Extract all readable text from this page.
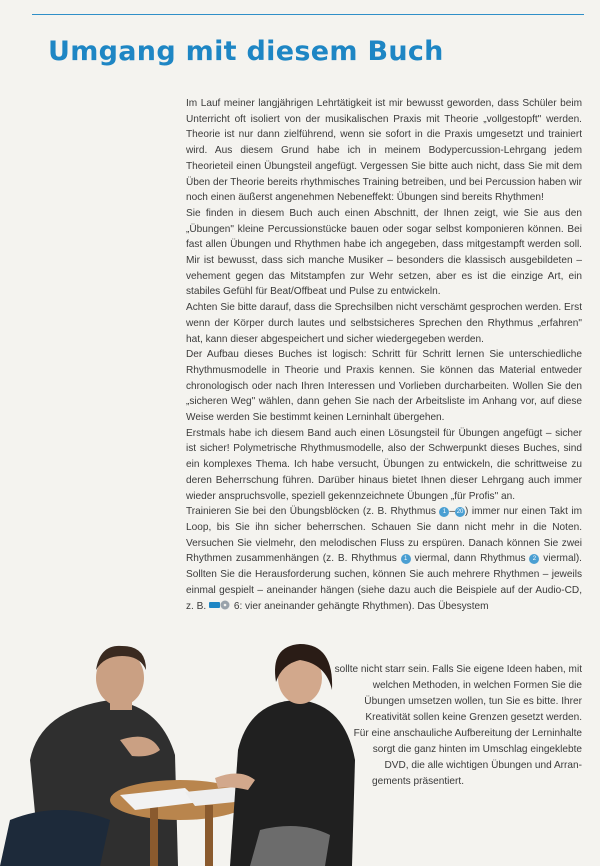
Umgang mit diesem Buch

Im Lauf meiner langjährigen Lehrtätigkeit ist mir bewusst geworden, dass Schüler beim Unterricht oft isoliert von der musikalischen Praxis mit Theorie „vollgestopft" werden. Theorie ist nur dann zielführend, wenn sie sofort in die Praxis umgesetzt und trainiert wird. Aus diesem Grund habe ich in meinem Bodypercussion-Lehrgang jedem Theorieteil einen Übungsteil angefügt. Vergessen Sie bitte auch nicht, dass Sie mit dem Üben der Theorie bereits rhythmisches Training betreiben, und bei Percussion haben wir noch einen äußerst angenehmen Nebeneffekt: Übungen sind bereits Rhythmen!

Sie finden in diesem Buch auch einen Abschnitt, der Ihnen zeigt, wie Sie aus den „Übungen" kleine Percussionstücke bauen oder sogar selbst komponieren können. Bei fast allen Übungen und Rhythmen habe ich angegeben, dass mitgestampft werden soll. Mir ist bewusst, dass sich manche Musiker – besonders die klassisch ausgebildeten – vehement gegen das Mitstampfen zur Wehr setzen, aber es ist die einzige Art, ein stabiles Gefühl für Beat/Offbeat und Pulse zu entwickeln.

Achten Sie bitte darauf, dass die Sprechsilben nicht verschämt gesprochen werden. Erst wenn der Körper durch lautes und selbstsicheres Sprechen den Rhythmus „erfahren" hat, kann dieser abgespeichert und sicher wiedergegeben werden.

Der Aufbau dieses Buches ist logisch: Schritt für Schritt lernen Sie unterschiedliche Rhythmusmodelle in Theorie und Praxis kennen. Sie können das Material entweder chronologisch oder nach Ihren Interessen und Vorlieben durcharbeiten. Wollen Sie den „sicheren Weg" wählen, dann gehen Sie nach der Arbeitsliste im Anhang vor, auf diese Weise werden Sie bestimmt keinen Lerninhalt übergehen.

Erstmals habe ich diesem Band auch einen Lösungsteil für Übungen angefügt – sicher ist sicher! Polymetrische Rhythmusmodelle, also der Schwerpunkt dieses Buches, sind ein komplexes Thema. Ich habe versucht, Übungen zu entwickeln, die schrittweise zu deren Beherrschung führen. Darüber hinaus bietet Ihnen dieser Lehrgang auch immer wieder anspruchsvolle, speziell gekennzeichnete Übungen „für Profis" an.

Trainieren Sie bei den Übungsblöcken (z. B. Rhythmus 1 – 20 ) immer nur einen Takt im Loop, bis Sie ihn sicher beherrschen. Schauen Sie dann nicht mehr in die Noten. Versuchen Sie vielmehr, den melodischen Fluss zu erspüren. Danach können Sie zwei Rhythmen zusammenhängen (z. B. Rhythmus 1 viermal, dann Rhythmus 2 viermal). Sollten Sie die Herausforderung suchen, können Sie auch mehrere Rhythmen – jeweils einmal gespielt – aneinander hängen (siehe dazu auch die Beispiele auf der Audio-CD, z. B.	6: vier aneinander gehängte Rhythmen). Das Übesystem

sollte nicht starr sein. Falls Sie eigene Ideen haben, mit
welchen Methoden, in welchen Formen Sie die
Übungen umsetzen wollen, tun Sie es bitte. Ihrer
Kreativität sollen keine Grenzen gesetzt werden.
Für eine anschauliche Aufbereitung der Lerninhalte
sorgt die ganz hinten im Umschlag eingeklebte
DVD, die alle wichtigen Übungen und Arran-
gements präsentiert.
